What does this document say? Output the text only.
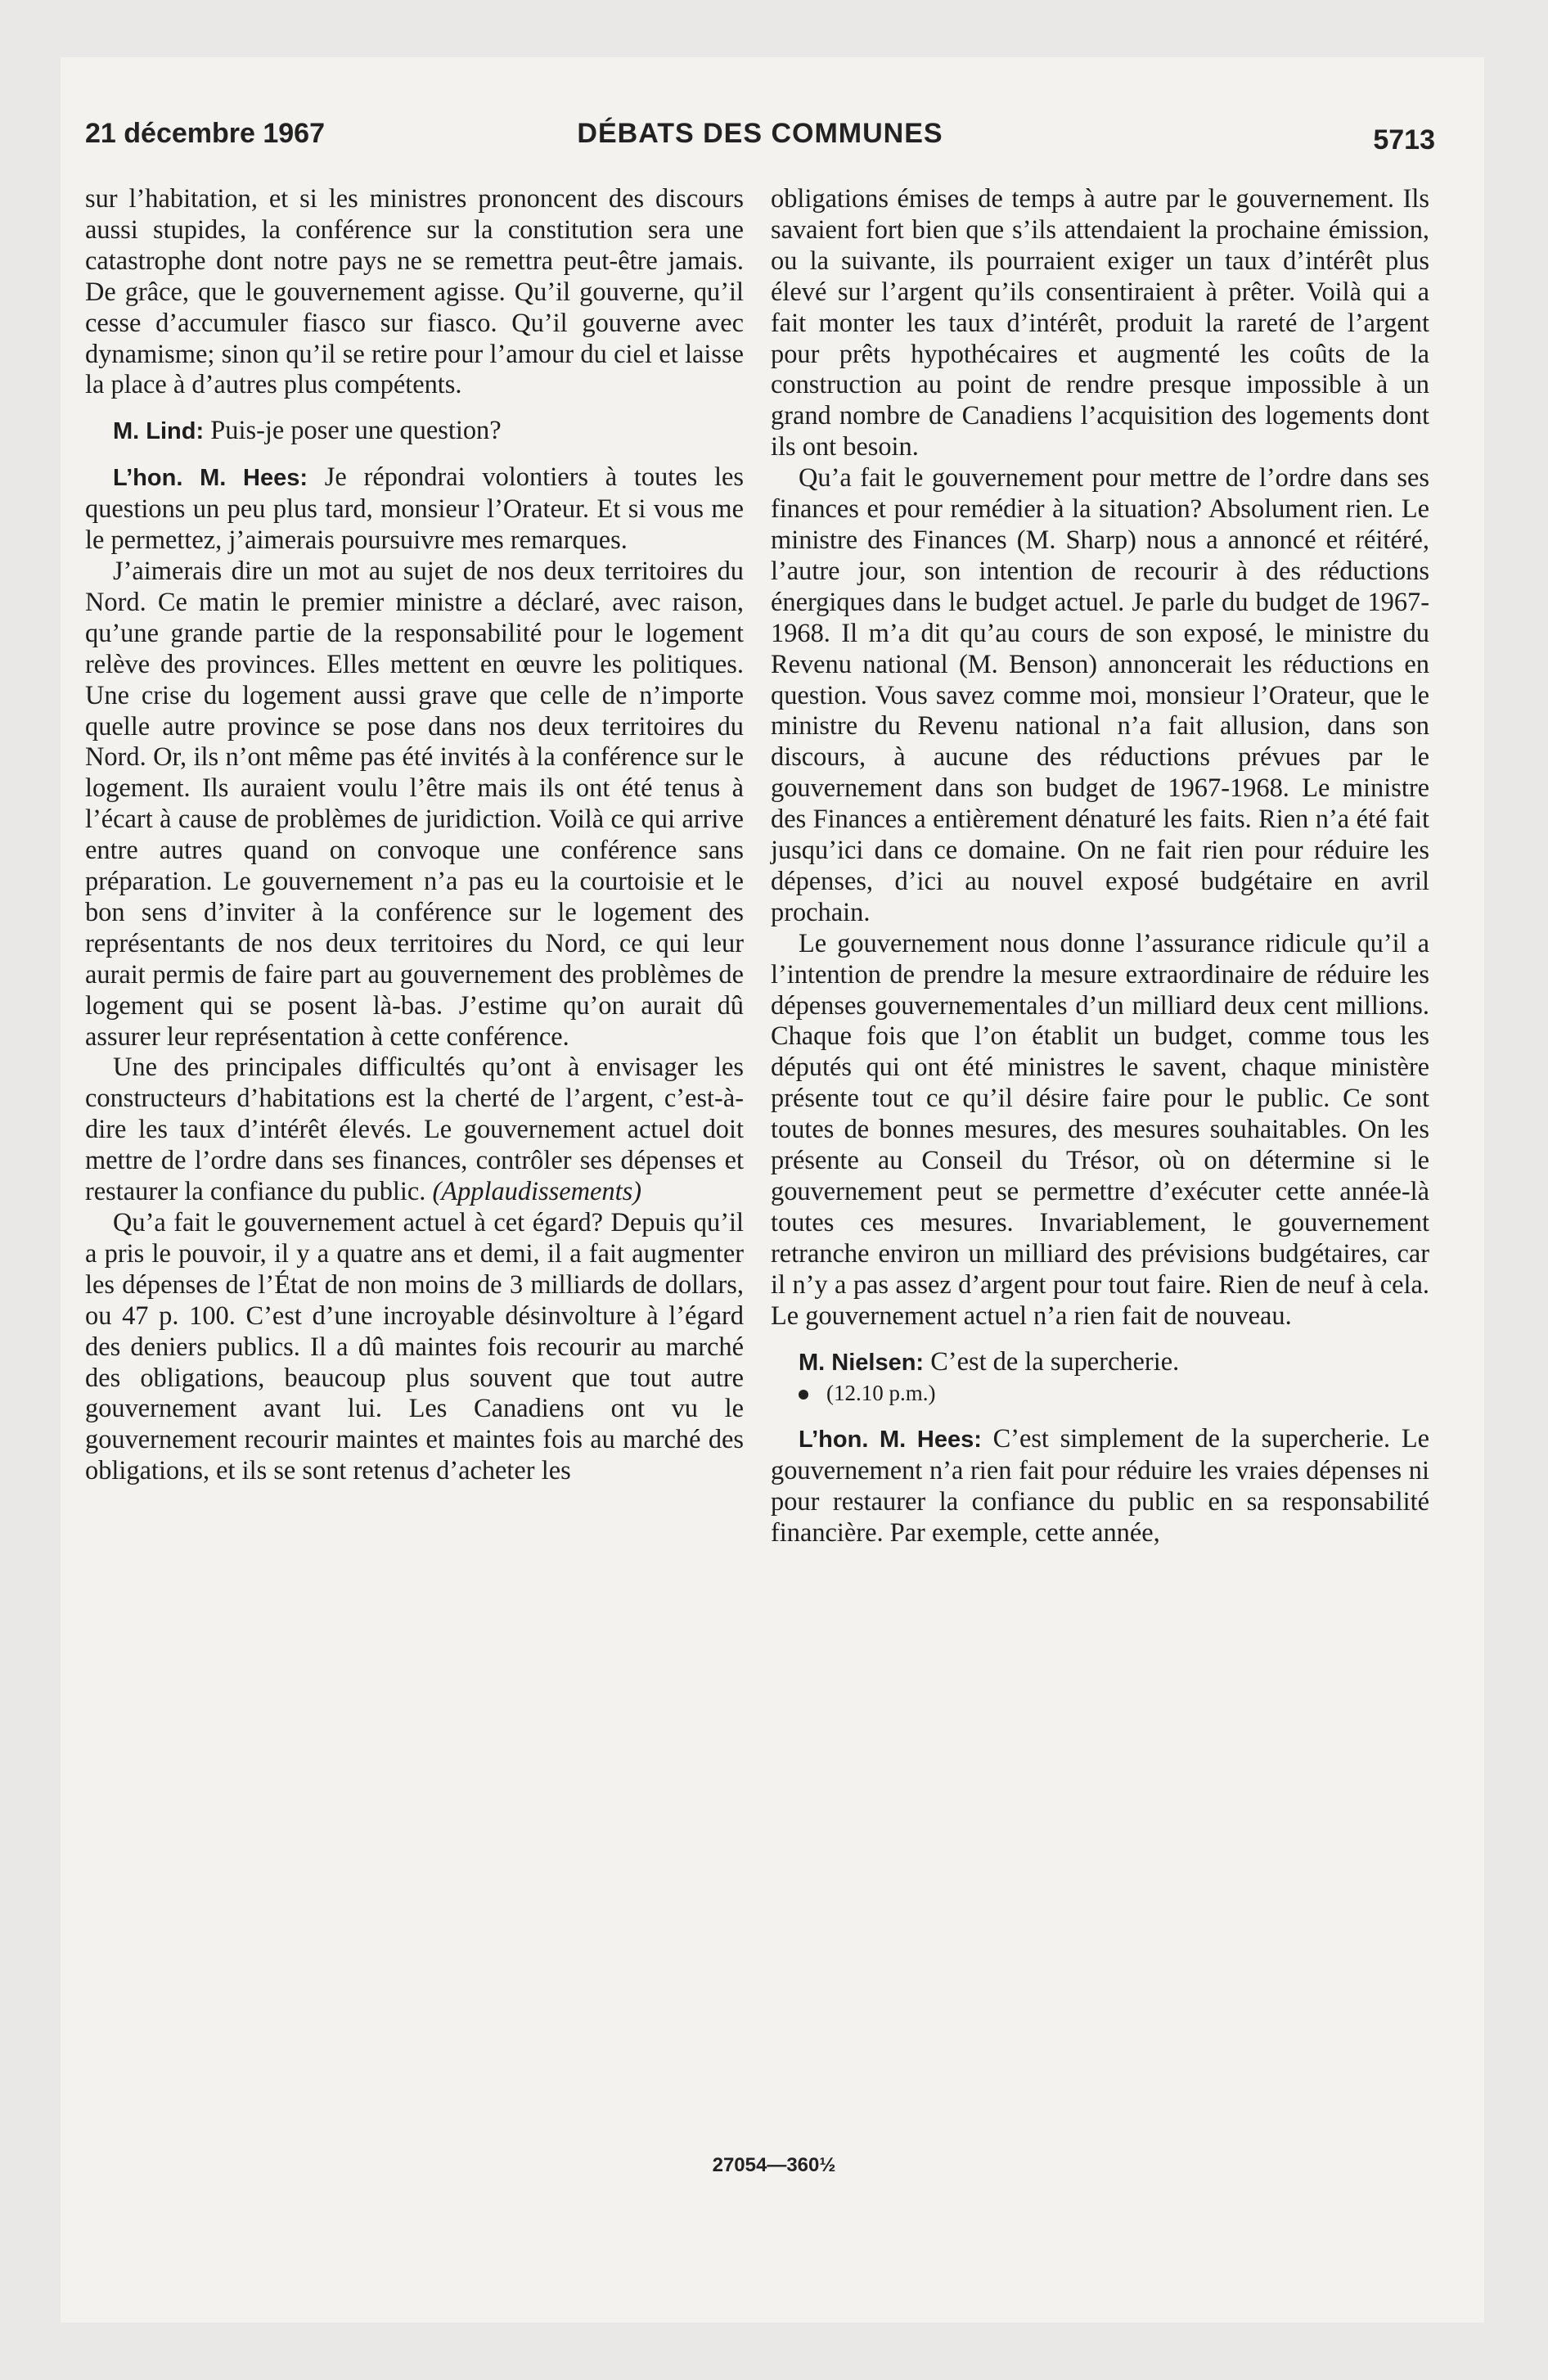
21 décembre 1967	DÉBATS DES COMMUNES	5713

sur l’habitation, et si les ministres prononcent des discours aussi stupides, la conférence sur la constitution sera une catastrophe dont notre pays ne se remettra peut-être jamais. De grâce, que le gouvernement agisse. Qu’il gouverne, qu’il cesse d’accumuler fiasco sur fiasco. Qu’il gouverne avec dynamisme; sinon qu’il se retire pour l’amour du ciel et laisse la place à d’autres plus compétents.

M. Lind: Puis-je poser une question?

L’hon. M. Hees: Je répondrai volontiers à toutes les questions un peu plus tard, monsieur l’Orateur. Et si vous me le permettez, j’aimerais poursuivre mes remarques.

J’aimerais dire un mot au sujet de nos deux territoires du Nord. Ce matin le premier ministre a déclaré, avec raison, qu’une grande partie de la responsabilité pour le logement relève des provinces. Elles mettent en œuvre les politiques. Une crise du logement aussi grave que celle de n’importe quelle autre province se pose dans nos deux territoires du Nord. Or, ils n’ont même pas été invités à la conférence sur le logement. Ils auraient voulu l’être mais ils ont été tenus à l’écart à cause de problèmes de juridiction. Voilà ce qui arrive entre autres quand on convoque une conférence sans préparation. Le gouvernement n’a pas eu la courtoisie et le bon sens d’inviter à la conférence sur le logement des représentants de nos deux territoires du Nord, ce qui leur aurait permis de faire part au gouvernement des problèmes de logement qui se posent là-bas. J’estime qu’on aurait dû assurer leur représentation à cette conférence.

Une des principales difficultés qu’ont à envisager les constructeurs d’habitations est la cherté de l’argent, c’est-à-dire les taux d’intérêt élevés. Le gouvernement actuel doit mettre de l’ordre dans ses finances, contrôler ses dépenses et restaurer la confiance du public. (Applaudissements)

Qu’a fait le gouvernement actuel à cet égard? Depuis qu’il a pris le pouvoir, il y a quatre ans et demi, il a fait augmenter les dépenses de l’État de non moins de 3 milliards de dollars, ou 47 p. 100. C’est d’une incroyable désinvolture à l’égard des deniers publics. Il a dû maintes fois recourir au marché des obligations, beaucoup plus souvent que tout autre gouvernement avant lui. Les Canadiens ont vu le gouvernement recourir maintes et maintes fois au marché des obligations, et ils se sont retenus d’acheter les

obligations émises de temps à autre par le gouvernement. Ils savaient fort bien que s’ils attendaient la prochaine émission, ou la suivante, ils pourraient exiger un taux d’intérêt plus élevé sur l’argent qu’ils consentiraient à prêter. Voilà qui a fait monter les taux d’intérêt, produit la rareté de l’argent pour prêts hypothécaires et augmenté les coûts de la construction au point de rendre presque impossible à un grand nombre de Canadiens l’acquisition des logements dont ils ont besoin.

Qu’a fait le gouvernement pour mettre de l’ordre dans ses finances et pour remédier à la situation? Absolument rien. Le ministre des Finances (M. Sharp) nous a annoncé et réitéré, l’autre jour, son intention de recourir à des réductions énergiques dans le budget actuel. Je parle du budget de 1967-1968. Il m’a dit qu’au cours de son exposé, le ministre du Revenu national (M. Benson) annoncerait les réductions en question. Vous savez comme moi, monsieur l’Orateur, que le ministre du Revenu national n’a fait allusion, dans son discours, à aucune des réductions prévues par le gouvernement dans son budget de 1967-1968. Le ministre des Finances a entièrement dénaturé les faits. Rien n’a été fait jusqu’ici dans ce domaine. On ne fait rien pour réduire les dépenses, d’ici au nouvel exposé budgétaire en avril prochain.

Le gouvernement nous donne l’assurance ridicule qu’il a l’intention de prendre la mesure extraordinaire de réduire les dépenses gouvernementales d’un milliard deux cent millions. Chaque fois que l’on établit un budget, comme tous les députés qui ont été ministres le savent, chaque ministère présente tout ce qu’il désire faire pour le public. Ce sont toutes de bonnes mesures, des mesures souhaitables. On les présente au Conseil du Trésor, où on détermine si le gouvernement peut se permettre d’exécuter cette année-là toutes ces mesures. Invariablement, le gouvernement retranche environ un milliard des prévisions budgétaires, car il n’y a pas assez d’argent pour tout faire. Rien de neuf à cela. Le gouvernement actuel n’a rien fait de nouveau.

M. Nielsen: C’est de la supercherie.

(12.10 p.m.)

L’hon. M. Hees: C’est simplement de la supercherie. Le gouvernement n’a rien fait pour réduire les vraies dépenses ni pour restaurer la confiance du public en sa responsabilité financière. Par exemple, cette année,

27054—360½
